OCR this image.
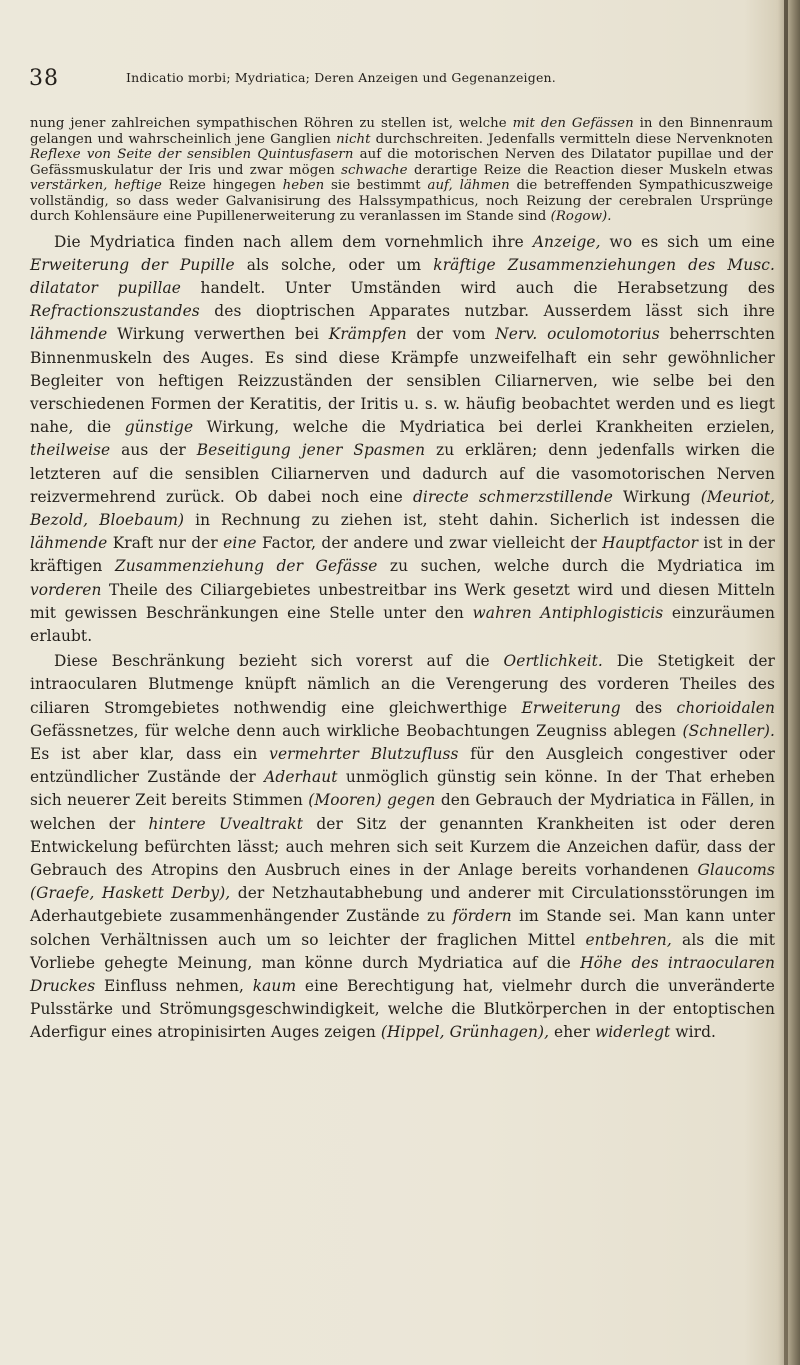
38	Indicatio morbi; Mydriatica; Deren Anzeigen und Gegenanzeigen.

nung jener zahlreichen sympathischen Röhren zu stellen ist, welche mit den Gefässen in den Binnenraum gelangen und wahrscheinlich jene Ganglien nicht durchschreiten. Jedenfalls vermitteln diese Nervenknoten Reflexe von Seite der sensiblen Quintusfasern auf die motorischen Nerven des Dilatator pupillae und der Gefässmuskulatur der Iris und zwar mögen schwache derartige Reize die Reaction dieser Muskeln etwas verstärken, heftige Reize hingegen heben sie bestimmt auf, lähmen die betreffenden Sympathicuszweige vollständig, so dass weder Galvanisirung des Halssympathicus, noch Reizung der cerebralen Ursprünge durch Kohlensäure eine Pupillenerweiterung zu veranlassen im Stande sind (Rogow).

Die Mydriatica finden nach allem dem vornehmlich ihre Anzeige, wo es sich um eine Erweiterung der Pupille als solche, oder um kräftige Zusammenziehungen des Musc. dilatator pupillae handelt. Unter Umständen wird auch die Herabsetzung des Refractionszustandes des dioptrischen Apparates nutzbar. Ausserdem lässt sich ihre lähmende Wirkung verwerthen bei Krämpfen der vom Nerv. oculomotorius beherrschten Binnenmuskeln des Auges. Es sind diese Krämpfe unzweifelhaft ein sehr gewöhnlicher Begleiter von heftigen Reizzuständen der sensiblen Ciliarnerven, wie selbe bei den verschiedenen Formen der Keratitis, der Iritis u. s. w. häufig beobachtet werden und es liegt nahe, die günstige Wirkung, welche die Mydriatica bei derlei Krankheiten erzielen, theilweise aus der Beseitigung jener Spasmen zu erklären; denn jedenfalls wirken die letzteren auf die sensiblen Ciliarnerven und dadurch auf die vasomotorischen Nerven reizvermehrend zurück. Ob dabei noch eine directe schmerzstillende Wirkung (Meuriot, Bezold, Bloebaum) in Rechnung zu ziehen ist, steht dahin. Sicherlich ist indessen die lähmende Kraft nur der eine Factor, der andere und zwar vielleicht der Hauptfactor ist in der kräftigen Zusammenziehung der Gefässe zu suchen, welche durch die Mydriatica im vorderen Theile des Ciliargebietes unbestreitbar ins Werk gesetzt wird und diesen Mitteln mit gewissen Beschränkungen eine Stelle unter den wahren Antiphlogisticis einzuräumen erlaubt.

Diese Beschränkung bezieht sich vorerst auf die Oertlichkeit. Die Stetigkeit der intraocularen Blutmenge knüpft nämlich an die Verengerung des vorderen Theiles des ciliaren Stromgebietes nothwendig eine gleichwerthige Erweiterung des chorioidalen Gefässnetzes, für welche denn auch wirkliche Beobachtungen Zeugniss ablegen (Schneller). Es ist aber klar, dass ein vermehrter Blutzufluss für den Ausgleich congestiver oder entzündlicher Zustände der Aderhaut unmöglich günstig sein könne. In der That erheben sich neuerer Zeit bereits Stimmen (Mooren) gegen den Gebrauch der Mydriatica in Fällen, in welchen der hintere Uvealtrakt der Sitz der genannten Krankheiten ist oder deren Entwickelung befürchten lässt; auch mehren sich seit Kurzem die Anzeichen dafür, dass der Gebrauch des Atropins den Ausbruch eines in der Anlage bereits vorhandenen Glaucoms (Graefe, Haskett Derby), der Netzhautabhebung und anderer mit Circulationsstörungen im Aderhautgebiete zusammenhängender Zustände zu fördern im Stande sei. Man kann unter solchen Verhältnissen auch um so leichter der fraglichen Mittel entbehren, als die mit Vorliebe gehegte Meinung, man könne durch Mydriatica auf die Höhe des intraocularen Druckes Einfluss nehmen, kaum eine Berechtigung hat, vielmehr durch die unveränderte Pulsstärke und Strömungsgeschwindigkeit, welche die Blutkörperchen in der entoptischen Aderfigur eines atropinisirten Auges zeigen (Hippel, Grünhagen), eher widerlegt wird.
